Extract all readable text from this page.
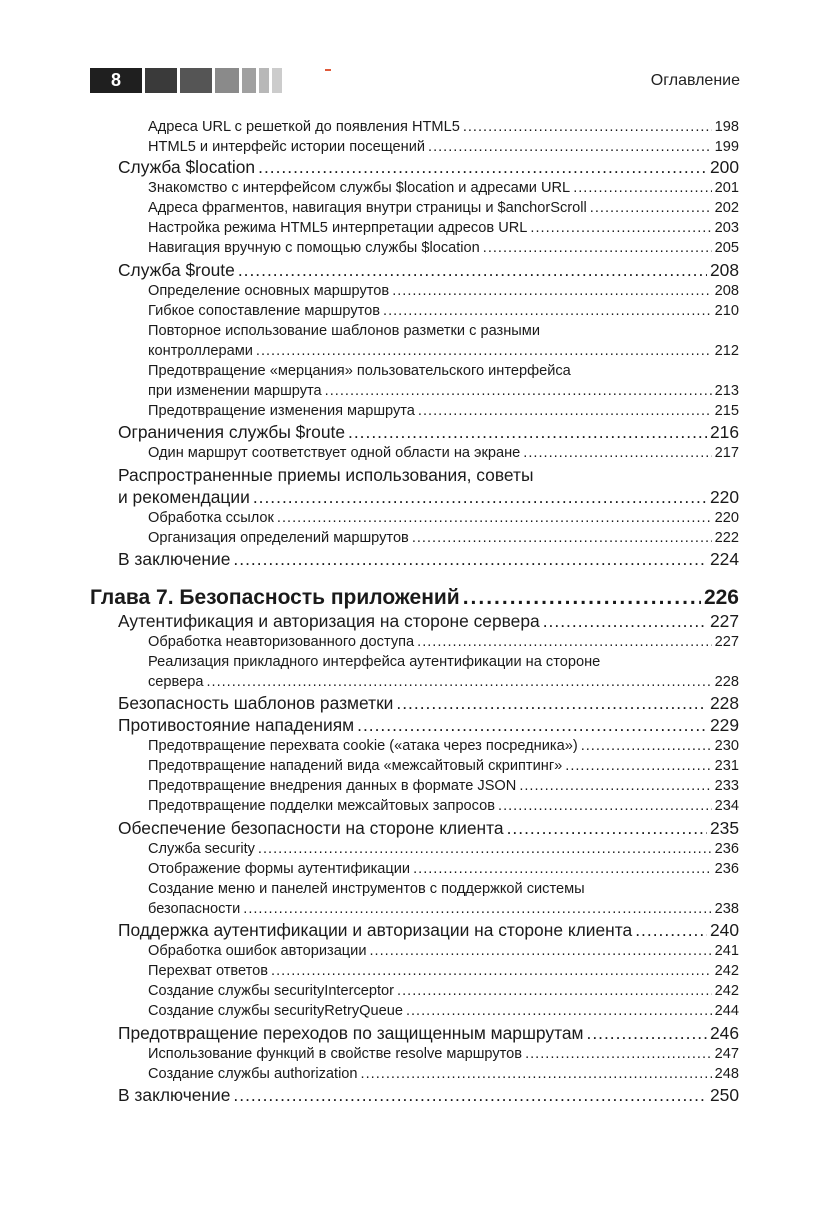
8	Оглавление
Адреса URL с решеткой до появления HTML5 .....	198
HTML5 и интерфейс истории посещений .....	199
Служба $location .....	200
Знакомство с интерфейсом службы $location и адресами URL .....	201
Адреса фрагментов, навигация внутри страницы и $anchorScroll .....	202
Настройка режима HTML5 интерпретации адресов URL .....	203
Навигация вручную с помощью службы $location .....	205
Служба $route .....	208
Определение основных маршрутов .....	208
Гибкое сопоставление маршрутов .....	210
Повторное использование шаблонов разметки с разными
контроллерами .....	212
Предотвращение «мерцания» пользовательского интерфейса
при изменении маршрута .....	213
Предотвращение изменения маршрута .....	215
Ограничения службы $route .....	216
Один маршрут соответствует одной области на экране .....	217
Распространенные приемы использования, советы
и рекомендации .....	220
Обработка ссылок .....	220
Организация определений маршрутов .....	222
В заключение .....	224
Глава 7. Безопасность приложений .....	226
Аутентификация и авторизация на стороне сервера .....	227
Обработка неавторизованного доступа .....	227
Реализация прикладного интерфейса аутентификации на стороне
сервера .....	228
Безопасность шаблонов разметки .....	228
Противостояние нападениям .....	229
Предотвращение перехвата cookie («атака через посредника») .....	230
Предотвращение нападений вида «межсайтовый скриптинг» .....	231
Предотвращение внедрения данных в формате JSON .....	233
Предотвращение подделки межсайтовых запросов .....	234
Обеспечение безопасности на стороне клиента .....	235
Служба security .....	236
Отображение формы аутентификации .....	236
Создание меню и панелей инструментов с поддержкой системы
безопасности .....	238
Поддержка аутентификации и авторизации на стороне клиента .....	240
Обработка ошибок авторизации .....	241
Перехват ответов .....	242
Создание службы securityInterceptor .....	242
Создание службы securityRetryQueue .....	244
Предотвращение переходов по защищенным маршрутам .....	246
Использование функций в свойстве resolve маршрутов .....	247
Создание службы authorization .....	248
В заключение .....	250
